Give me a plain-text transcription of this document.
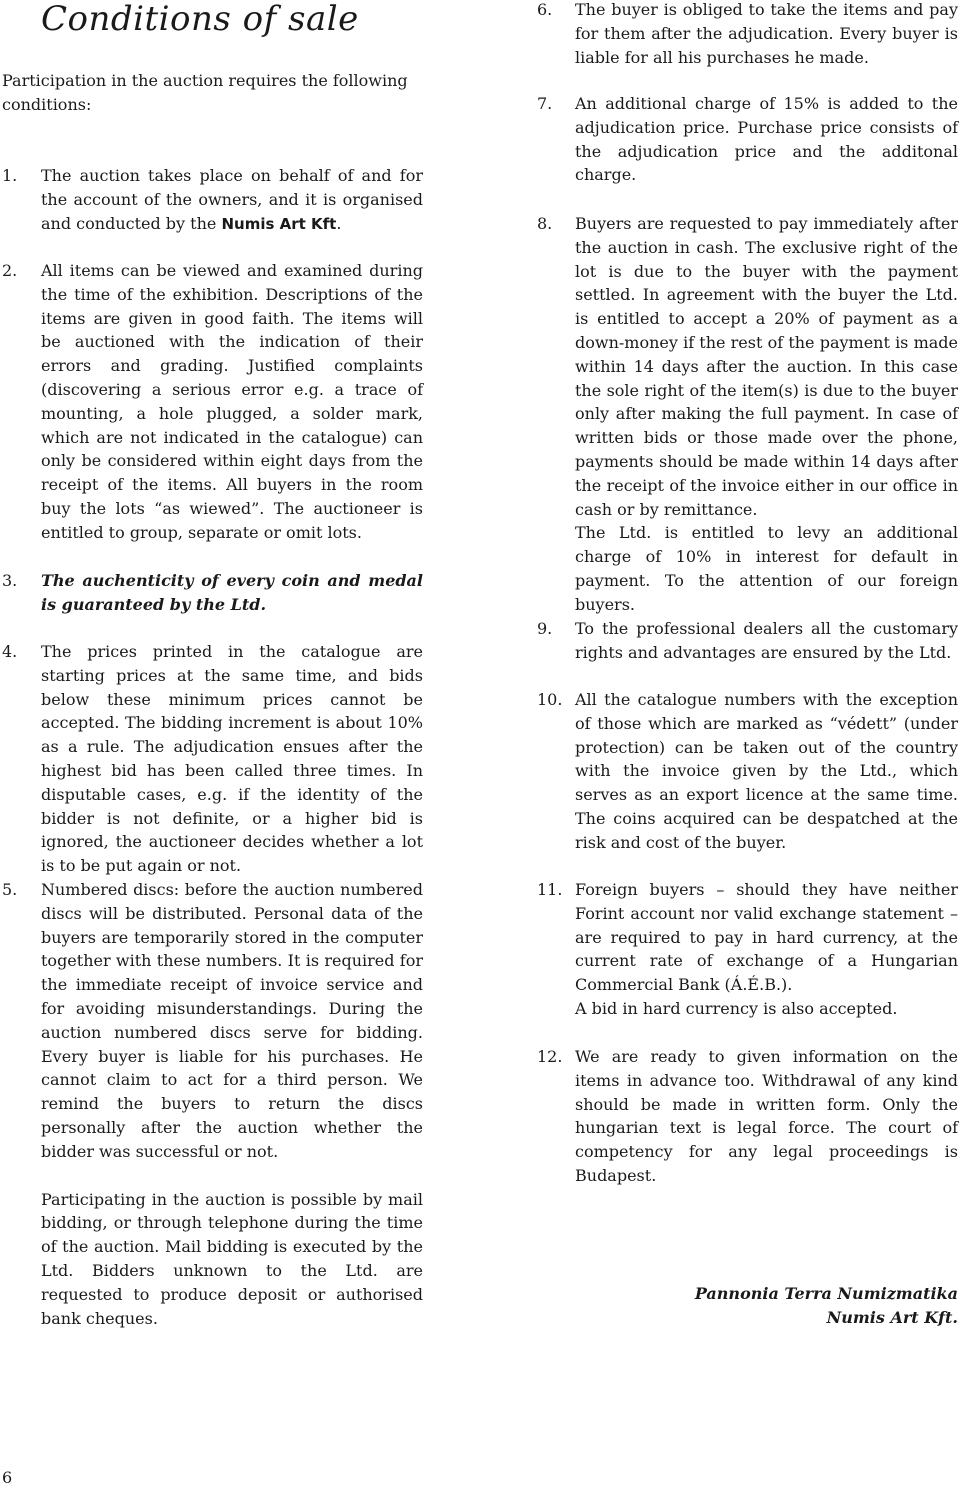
Conditions of sale
Participation in the auction requires the following conditions:
1.	The auction takes place on behalf of and for the account of the owners, and it is organised and conducted by the Numis Art Kft.
2.	All items can be viewed and examined during the time of the exhibition. Descriptions of the items are given in good faith. The items will be auctioned with the indication of their errors and grading. Justified complaints (discovering a serious error e.g. a trace of mounting, a hole plugged, a solder mark, which are not indicated in the catalogue) can only be considered within eight days from the receipt of the items. All buyers in the room buy the lots “as wiewed”. The auctioneer is entitled to group, separate or omit lots.
3.	The auchenticity of every coin and medal is guaranteed by the Ltd.
4.	The prices printed in the catalogue are starting prices at the same time, and bids below these minimum prices cannot be accepted. The bidding increment is about 10% as a rule. The adjudication ensues after the highest bid has been called three times. In disputable cases, e.g. if the identity of the bidder is not definite, or a higher bid is ignored, the auctioneer decides whether a lot is to be put again or not.
5.	Numbered discs: before the auction numbered discs will be distributed. Personal data of the buyers are temporarily stored in the computer together with these numbers. It is required for the immediate receipt of invoice service and for avoiding misunderstandings. During the auction numbered discs serve for bidding. Every buyer is liable for his purchases. He cannot claim to act for a third person. We remind the buyers to return the discs personally after the auction whether the bidder was successful or not.
Participating in the auction is possible by mail bidding, or through telephone during the time of the auction. Mail bidding is executed by the Ltd. Bidders unknown to the Ltd. are requested to produce deposit or authorised bank cheques.
6.	The buyer is obliged to take the items and pay for them after the adjudication. Every buyer is liable for all his purchases he made.
7.	An additional charge of 15% is added to the adjudication price. Purchase price consists of the adjudication price and the additonal charge.
8.	Buyers are requested to pay immediately after the auction in cash. The exclusive right of the lot is due to the buyer with the payment settled. In agreement with the buyer the Ltd. is entitled to accept a 20% of payment as a down-money if the rest of the payment is made within 14 days after the auction. In this case the sole right of the item(s) is due to the buyer only after making the full payment. In case of written bids or those made over the phone, payments should be made within 14 days after the receipt of the invoice either in our office in cash or by remittance.
The Ltd. is entitled to levy an additional charge of 10% in interest for default in payment. To the attention of our foreign buyers.
9.	To the professional dealers all the customary rights and advantages are ensured by the Ltd.
10. All the catalogue numbers with the exception of those which are marked as “védett” (under protection) can be taken out of the country with the invoice given by the Ltd., which serves as an export licence at the same time. The coins acquired can be despatched at the risk and cost of the buyer.
11. Foreign buyers – should they have neither Forint account nor valid exchange statement – are required to pay in hard currency, at the current rate of exchange of a Hungarian Commercial Bank (Á.É.B.).
A bid in hard currency is also accepted.
12. We are ready to given information on the items in advance too. Withdrawal of any kind should be made in written form. Only the hungarian text is legal force. The court of competency for any legal proceedings is Budapest.
Pannonia Terra Numizmatika
Numis Art Kft.
6
